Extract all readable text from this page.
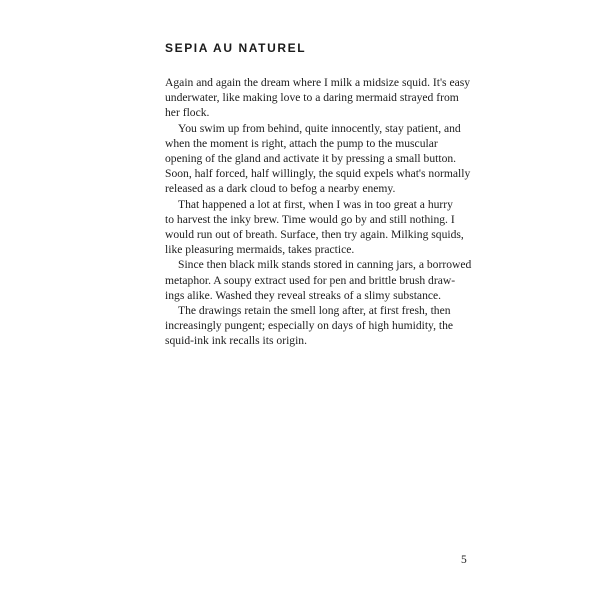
SEPIA AU NATUREL

Again and again the dream where I milk a midsize squid. It's easy
underwater, like making love to a daring mermaid strayed from
her flock.

You swim up from behind, quite innocently, stay patient, and
when the moment is right, attach the pump to the muscular
opening of the gland and activate it by pressing a small button.
Soon, half forced, half willingly, the squid expels what's normally
released as a dark cloud to befog a nearby enemy.

That happened a lot at first, when I was in too great a hurry
to harvest the inky brew. Time would go by and still nothing. I
would run out of breath. Surface, then try again. Milking squids,
like pleasuring mermaids, takes practice.

Since then black milk stands stored in canning jars, a borrowed
metaphor. A soupy extract used for pen and brittle brush draw-
ings alike. Washed they reveal streaks of a slimy substance.

The drawings retain the smell long after, at first fresh, then
increasingly pungent; especially on days of high humidity, the
squid-ink ink recalls its origin.

5
